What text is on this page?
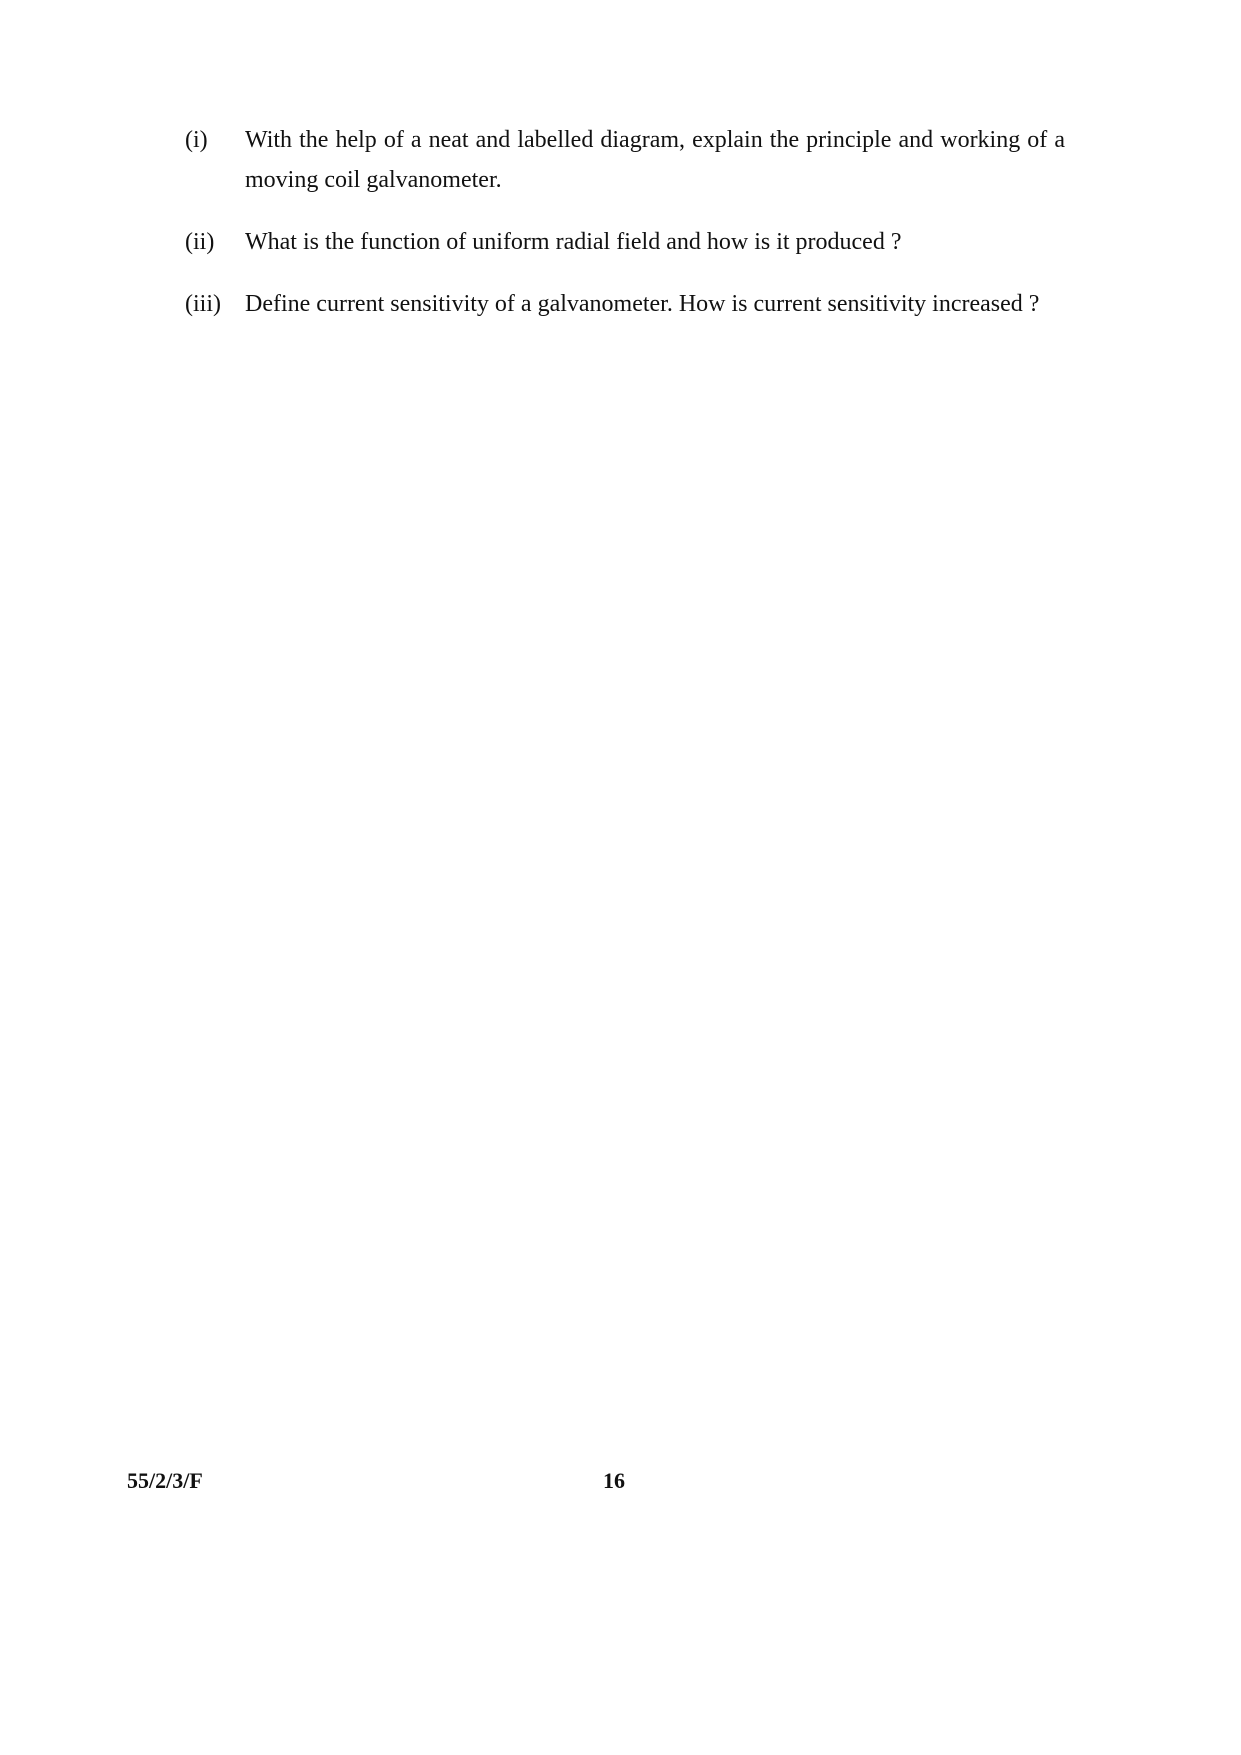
(i)	With the help of a neat and labelled diagram, explain the principle and working of a moving coil galvanometer.
(ii)	What is the function of uniform radial field and how is it produced ?
(iii)	Define current sensitivity of a galvanometer. How is current sensitivity increased ?
55/2/3/F	16
